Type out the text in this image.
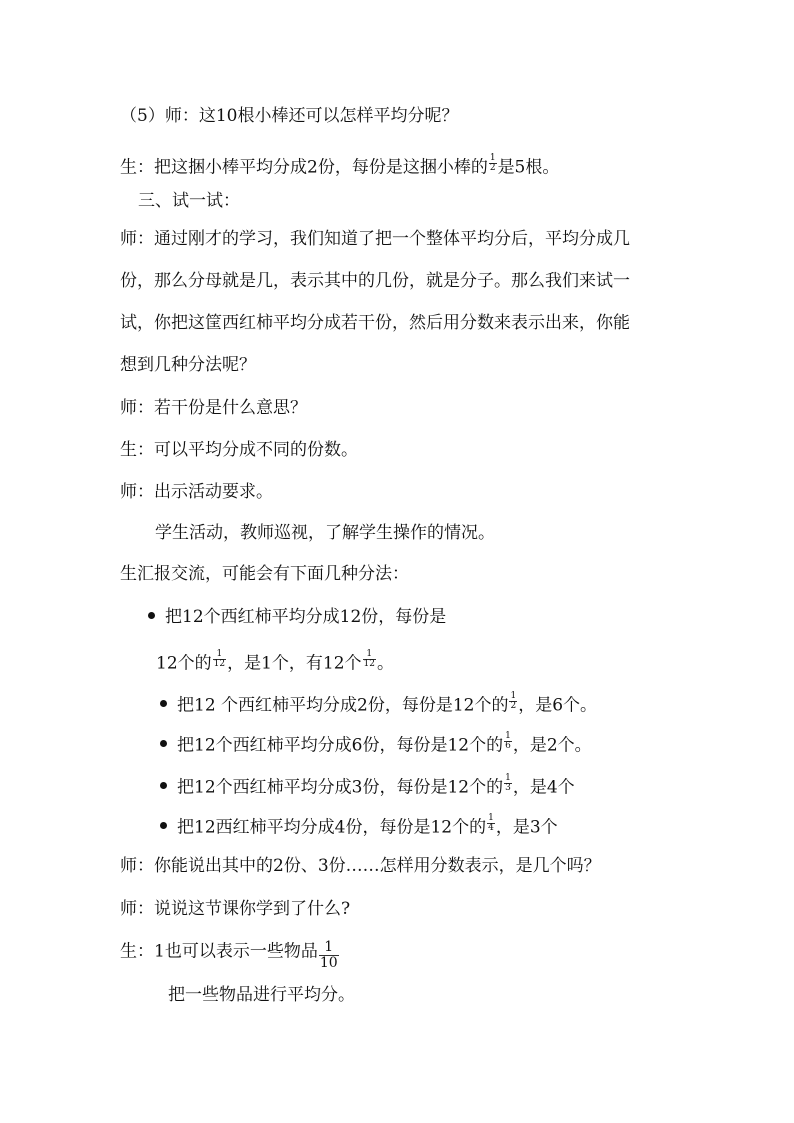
（5）师：这10根小棒还可以怎样平均分呢？
生：把这捆小棒平均分成2份，每份是这捆小棒的 $\frac{1}{2}$ 是5根。
三、试一试：
师：通过刚才的学习，我们知道了把一个整体平均分后，平均分成几
份，那么分母就是几，表示其中的几份，就是分子。那么我们来试一
试，你把这筐西红柿平均分成若干份，然后用分数来表示出来，你能
想到几种分法呢？
师：若干份是什么意思？
生：可以平均分成不同的份数。
师：出示活动要求。
学生活动，教师巡视，了解学生操作的情况。
生汇报交流，可能会有下面几种分法：
把12个西红柿平均分成12份，每份是
12个的 $\frac{1}{12}$ ，是1个，有12个 $\frac{1}{12}$ 。
把12 个西红柿平均分成2份，每份是12个的 $\frac{1}{2}$ ，是6个。
把12个西红柿平均分成6份，每份是12个的 $\frac{1}{6}$ ，是2个。
把12个西红柿平均分成3份，每份是12个的 $\frac{1}{3}$ ，是4个
把12西红柿平均分成4份，每份是12个的 $\frac{1}{4}$ ，是3个
师：你能说出其中的2份、3份……怎样用分数表示，是几个吗？
师：说说这节课你学到了什么?
生：1也可以表示一些物品 $\frac{1}{10}$
把一些物品进行平均分。
